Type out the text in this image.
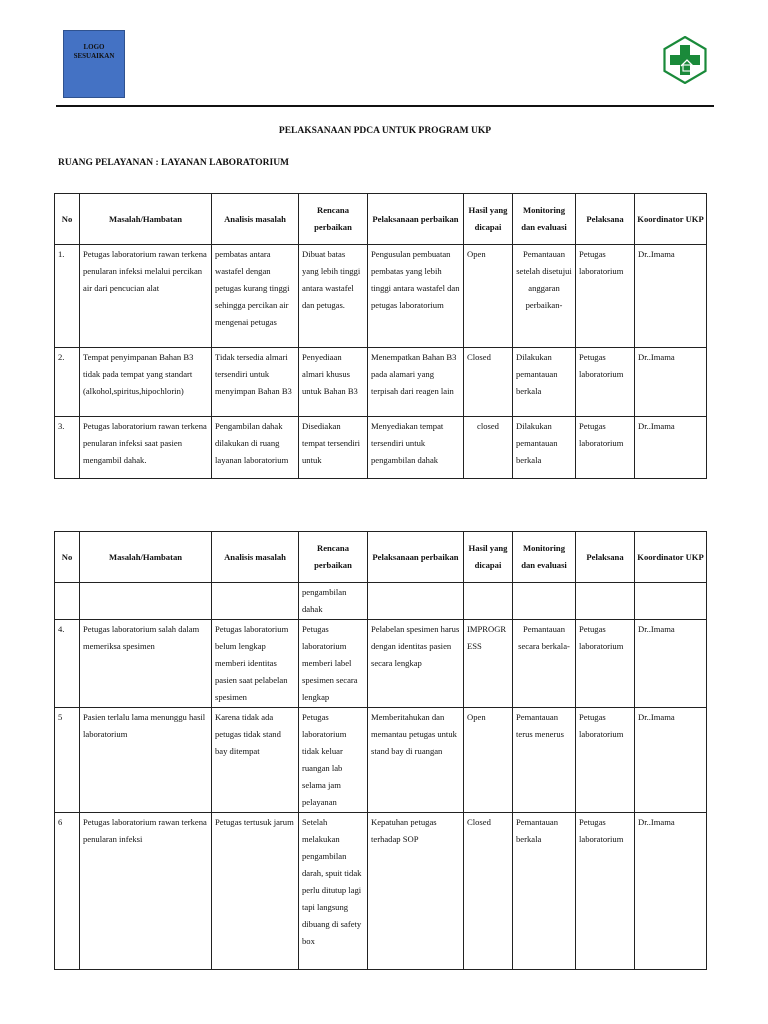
LOGO
SESUAIKAN
PELAKSANAAN PDCA UNTUK PROGRAM UKP
RUANG PELAYANAN : LAYANAN LABORATORIUM
No	Masalah/Hambatan	Analisis masalah	Rencana perbaikan	Pelaksanaan perbaikan	Hasil yang dicapai	Monitoring dan evaluasi	Pelaksana	Koordinator UKP
1.	Petugas laboratorium rawan terkena penularan infeksi melalui percikan air dari pencucian alat	pembatas antara wastafel dengan petugas kurang tinggi sehingga percikan air mengenai petugas	Dibuat batas yang lebih tinggi antara wastafel dan petugas.	Pengusulan pembuatan pembatas yang lebih tinggi antara wastafel dan petugas laboratorium	Open	Pemantauan setelah disetujui anggaran perbaikan-	Petugas laboratorium	Dr..Imama
2.	Tempat penyimpanan Bahan B3 tidak pada tempat yang standart (alkohol,spiritus,hipochlorin)	Tidak tersedia almari tersendiri untuk menyimpan Bahan B3	Penyediaan almari khusus untuk Bahan B3	Menempatkan Bahan B3 pada alamari yang terpisah dari reagen lain	Closed	Dilakukan pemantauan berkala	Petugas laboratorium	Dr..Imama
3.	Petugas laboratorium rawan terkena penularan infeksi saat pasien mengambil dahak.	Pengambilan dahak dilakukan di ruang layanan laboratorium	Disediakan tempat tersendiri untuk	Menyediakan tempat tersendiri untuk pengambilan dahak	closed	Dilakukan pemantauan berkala	Petugas laboratorium	Dr..Imama
No	Masalah/Hambatan	Analisis masalah	Rencana perbaikan	Pelaksanaan perbaikan	Hasil yang dicapai	Monitoring dan evaluasi	Pelaksana	Koordinator UKP
			pengambilan dahak					
4.	Petugas laboratorium salah dalam memeriksa spesimen	Petugas laboratorium belum lengkap memberi identitas pasien saat pelabelan spesimen	Petugas laboratorium memberi label spesimen secara lengkap	Pelabelan spesimen harus dengan identitas pasien secara lengkap	IMPROGRESS	Pemantauan secara berkala-	Petugas laboratorium	Dr..Imama
5	Pasien terlalu lama menunggu hasil laboratorium	Karena tidak ada petugas tidak stand bay ditempat	Petugas laboratorium tidak keluar ruangan lab selama jam pelayanan	Memberitahukan dan memantau petugas untuk stand bay di ruangan	Open	Pemantauan terus menerus	Petugas laboratorium	Dr..Imama
6	Petugas laboratorium rawan terkena penularan infeksi	Petugas tertusuk jarum	Setelah melakukan pengambilan darah, spuit tidak perlu ditutup lagi tapi langsung dibuang di safety box	Kepatuhan petugas terhadap SOP	Closed	Pemantauan berkala	Petugas laboratorium	Dr..Imama
